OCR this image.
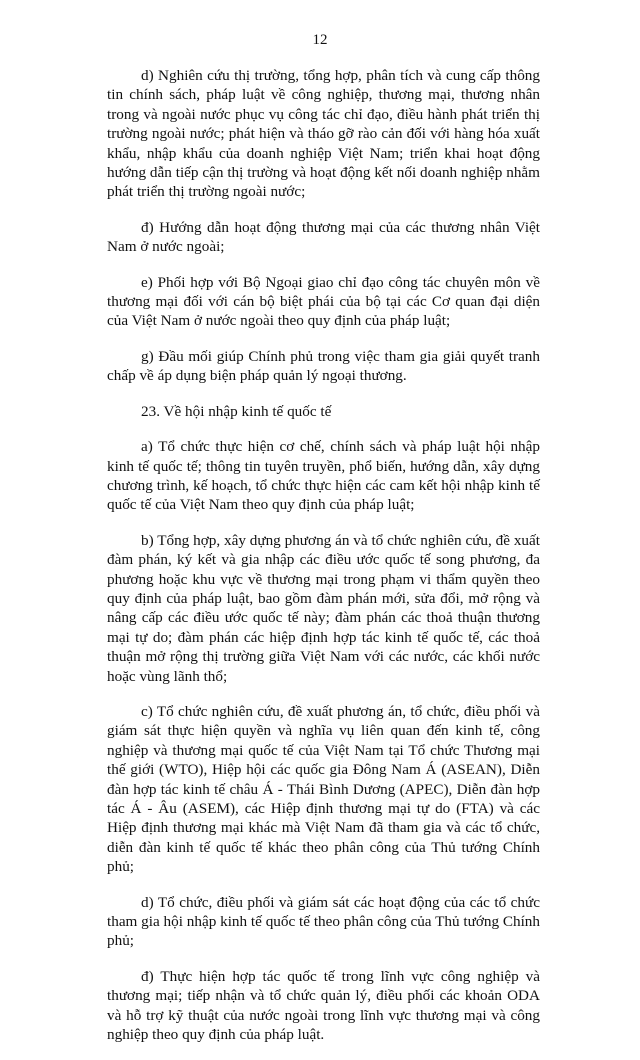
12

d) Nghiên cứu thị trường, tổng hợp, phân tích và cung cấp thông tin chính sách, pháp luật về công nghiệp, thương mại, thương nhân trong và ngoài nước phục vụ công tác chỉ đạo, điều hành phát triển thị trường ngoài nước; phát hiện và tháo gỡ rào cản đối với hàng hóa xuất khẩu, nhập khẩu của doanh nghiệp Việt Nam; triển khai hoạt động hướng dẫn tiếp cận thị trường và hoạt động kết nối doanh nghiệp nhằm phát triển thị trường ngoài nước;

đ) Hướng dẫn hoạt động thương mại của các thương nhân Việt Nam ở nước ngoài;

e) Phối hợp với Bộ Ngoại giao chỉ đạo công tác chuyên môn về thương mại đối với cán bộ biệt phái của bộ tại các Cơ quan đại diện của Việt Nam ở nước ngoài theo quy định của pháp luật;

g) Đầu mối giúp Chính phủ trong việc tham gia giải quyết tranh chấp về áp dụng biện pháp quản lý ngoại thương.

23. Về hội nhập kinh tế quốc tế

a) Tổ chức thực hiện cơ chế, chính sách và pháp luật hội nhập kinh tế quốc tế; thông tin tuyên truyền, phổ biến, hướng dẫn, xây dựng chương trình, kế hoạch, tổ chức thực hiện các cam kết hội nhập kinh tế quốc tế của Việt Nam theo quy định của pháp luật;

b) Tổng hợp, xây dựng phương án và tổ chức nghiên cứu, đề xuất đàm phán, ký kết và gia nhập các điều ước quốc tế song phương, đa phương hoặc khu vực về thương mại trong phạm vi thẩm quyền theo quy định của pháp luật, bao gồm đàm phán mới, sửa đổi, mở rộng và nâng cấp các điều ước quốc tế này; đàm phán các thoả thuận thương mại tự do; đàm phán các hiệp định hợp tác kinh tế quốc tế, các thoả thuận mở rộng thị trường giữa Việt Nam với các nước, các khối nước hoặc vùng lãnh thổ;

c) Tổ chức nghiên cứu, đề xuất phương án, tổ chức, điều phối và giám sát thực hiện quyền và nghĩa vụ liên quan đến kinh tế, công nghiệp và thương mại quốc tế của Việt Nam tại Tổ chức Thương mại thế giới (WTO), Hiệp hội các quốc gia Đông Nam Á (ASEAN), Diễn đàn hợp tác kinh tế châu Á - Thái Bình Dương (APEC), Diễn đàn hợp tác Á - Âu (ASEM), các Hiệp định thương mại tự do (FTA) và các Hiệp định thương mại khác mà Việt Nam đã tham gia và các tổ chức, diễn đàn kinh tế quốc tế khác theo phân công của Thủ tướng Chính phủ;

d) Tổ chức, điều phối và giám sát các hoạt động của các tổ chức tham gia hội nhập kinh tế quốc tế theo phân công của Thủ tướng Chính phủ;

đ) Thực hiện hợp tác quốc tế trong lĩnh vực công nghiệp và thương mại; tiếp nhận và tổ chức quản lý, điều phối các khoản ODA và hỗ trợ kỹ thuật của nước ngoài trong lĩnh vực thương mại và công nghiệp theo quy định của pháp luật.
